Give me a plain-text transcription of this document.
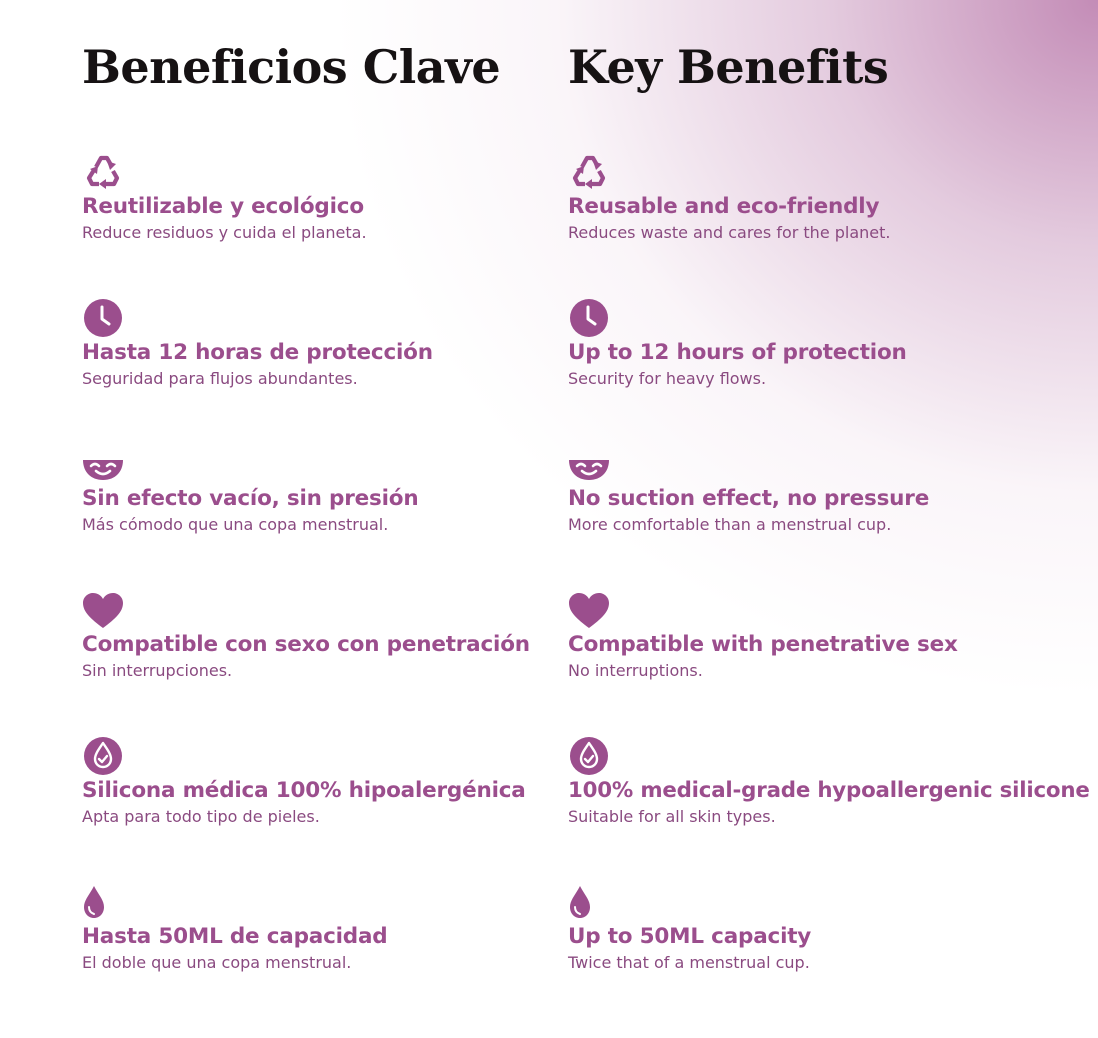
Beneficios Clave
Reutilizable y ecológico
Reduce residuos y cuida el planeta.
Hasta 12 horas de protección
Seguridad para flujos abundantes.
Sin efecto vacío, sin presión
Más cómodo que una copa menstrual.
Compatible con sexo con penetración
Sin interrupciones.
Silicona médica 100% hipoalergénica
Apta para todo tipo de pieles.
Hasta 50ML de capacidad
El doble que una copa menstrual.
Key Benefits
Reusable and eco-friendly
Reduces waste and cares for the planet.
Up to 12 hours of protection
Security for heavy flows.
No suction effect, no pressure
More comfortable than a menstrual cup.
Compatible with penetrative sex
No interruptions.
100% medical-grade hypoallergenic silicone
Suitable for all skin types.
Up to 50ML capacity
Twice that of a menstrual cup.
